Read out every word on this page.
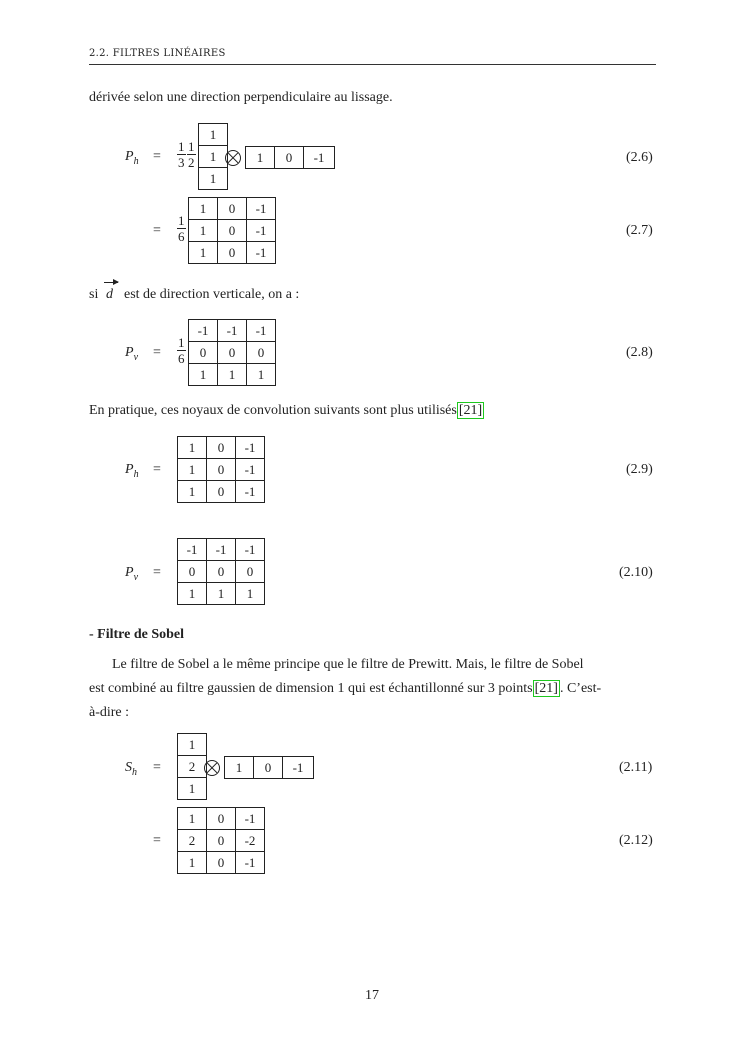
2.2. FILTRES LINÉAIRES
dérivée selon une direction perpendiculaire au lissage.
$P_h = \frac{1}{3} \frac{1}{2}$
1
1
1
1	0	-1	(2.6)
= $\frac{1}{6}$
1	0	-1
1	0	-1
1	0	-1
(2.7)
si d est de direction verticale, on a :
$P_v = \frac{1}{6}$
-1	-1	-1
0	0	0
1	1	1
(2.8)
En pratique, ces noyaux de convolution suivants sont plus utilisés [21]
$P_h$ =
1	0	-1
1	0	-1
1	0	-1
(2.9)
$P_v$ =
-1	-1	-1
0	0	0
1	1	1
(2.10)
- Filtre de Sobel
Le filtre de Sobel a le même principe que le filtre de Prewitt. Mais, le filtre de Sobel
est combiné au filtre gaussien de dimension 1 qui est échantillonné sur 3 points [21] . C’est-
à-dire :
$S_h$ =
1
2
1
1	0	-1	(2.11)
=
1	0	-1
2	0	-2
1	0	-1
(2.12)
17
